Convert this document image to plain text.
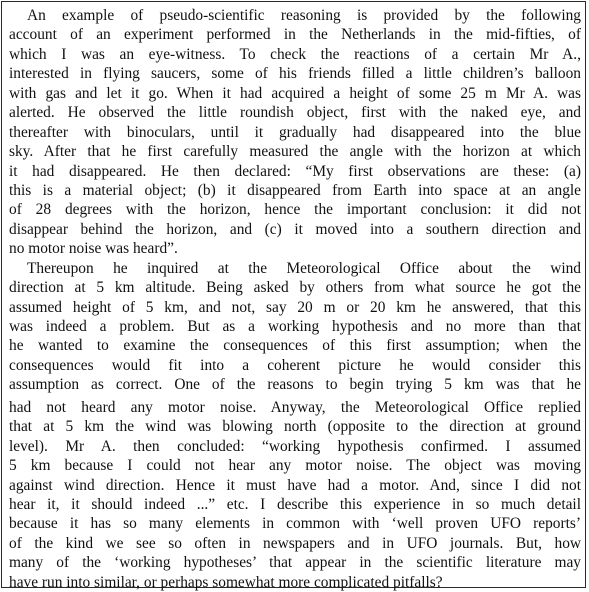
An example of pseudo-scientific reasoning is provided by the following
account of an experiment performed in the Netherlands in the mid-fifties, of
which I was an eye-witness. To check the reactions of a certain Mr A.,
interested in flying saucers, some of his friends filled a little children’s balloon
with gas and let it go. When it had acquired a height of some 25 m Mr A. was
alerted. He observed the little roundish object, first with the naked eye, and
thereafter with binoculars, until it gradually had disappeared into the blue
sky. After that he first carefully measured the angle with the horizon at which
it had disappeared. He then declared: “My first observations are these: (a)
this is a material object; (b) it disappeared from Earth into space at an angle
of 28 degrees with the horizon, hence the important conclusion: it did not
disappear behind the horizon, and (c) it moved into a southern direction and
no motor noise was heard”.
Thereupon he inquired at the Meteorological Office about the wind
direction at 5 km altitude. Being asked by others from what source he got the
assumed height of 5 km, and not, say 20 m or 20 km he answered, that this
was indeed a problem. But as a working hypothesis and no more than that
he wanted to examine the consequences of this first assumption; when the
consequences would fit into a coherent picture he would consider this
assumption as correct. One of the reasons to begin trying 5 km was that he
had not heard any motor noise. Anyway, the Meteorological Office replied
that at 5 km the wind was blowing north (opposite to the direction at ground
level). Mr A. then concluded: “working hypothesis confirmed. I assumed
5 km because I could not hear any motor noise. The object was moving
against wind direction. Hence it must have had a motor. And, since I did not
hear it, it should indeed ...” etc. I describe this experience in so much detail
because it has so many elements in common with ‘well proven UFO reports’
of the kind we see so often in newspapers and in UFO journals. But, how
many of the ‘working hypotheses’ that appear in the scientific literature may
have run into similar, or perhaps somewhat more complicated pitfalls?
